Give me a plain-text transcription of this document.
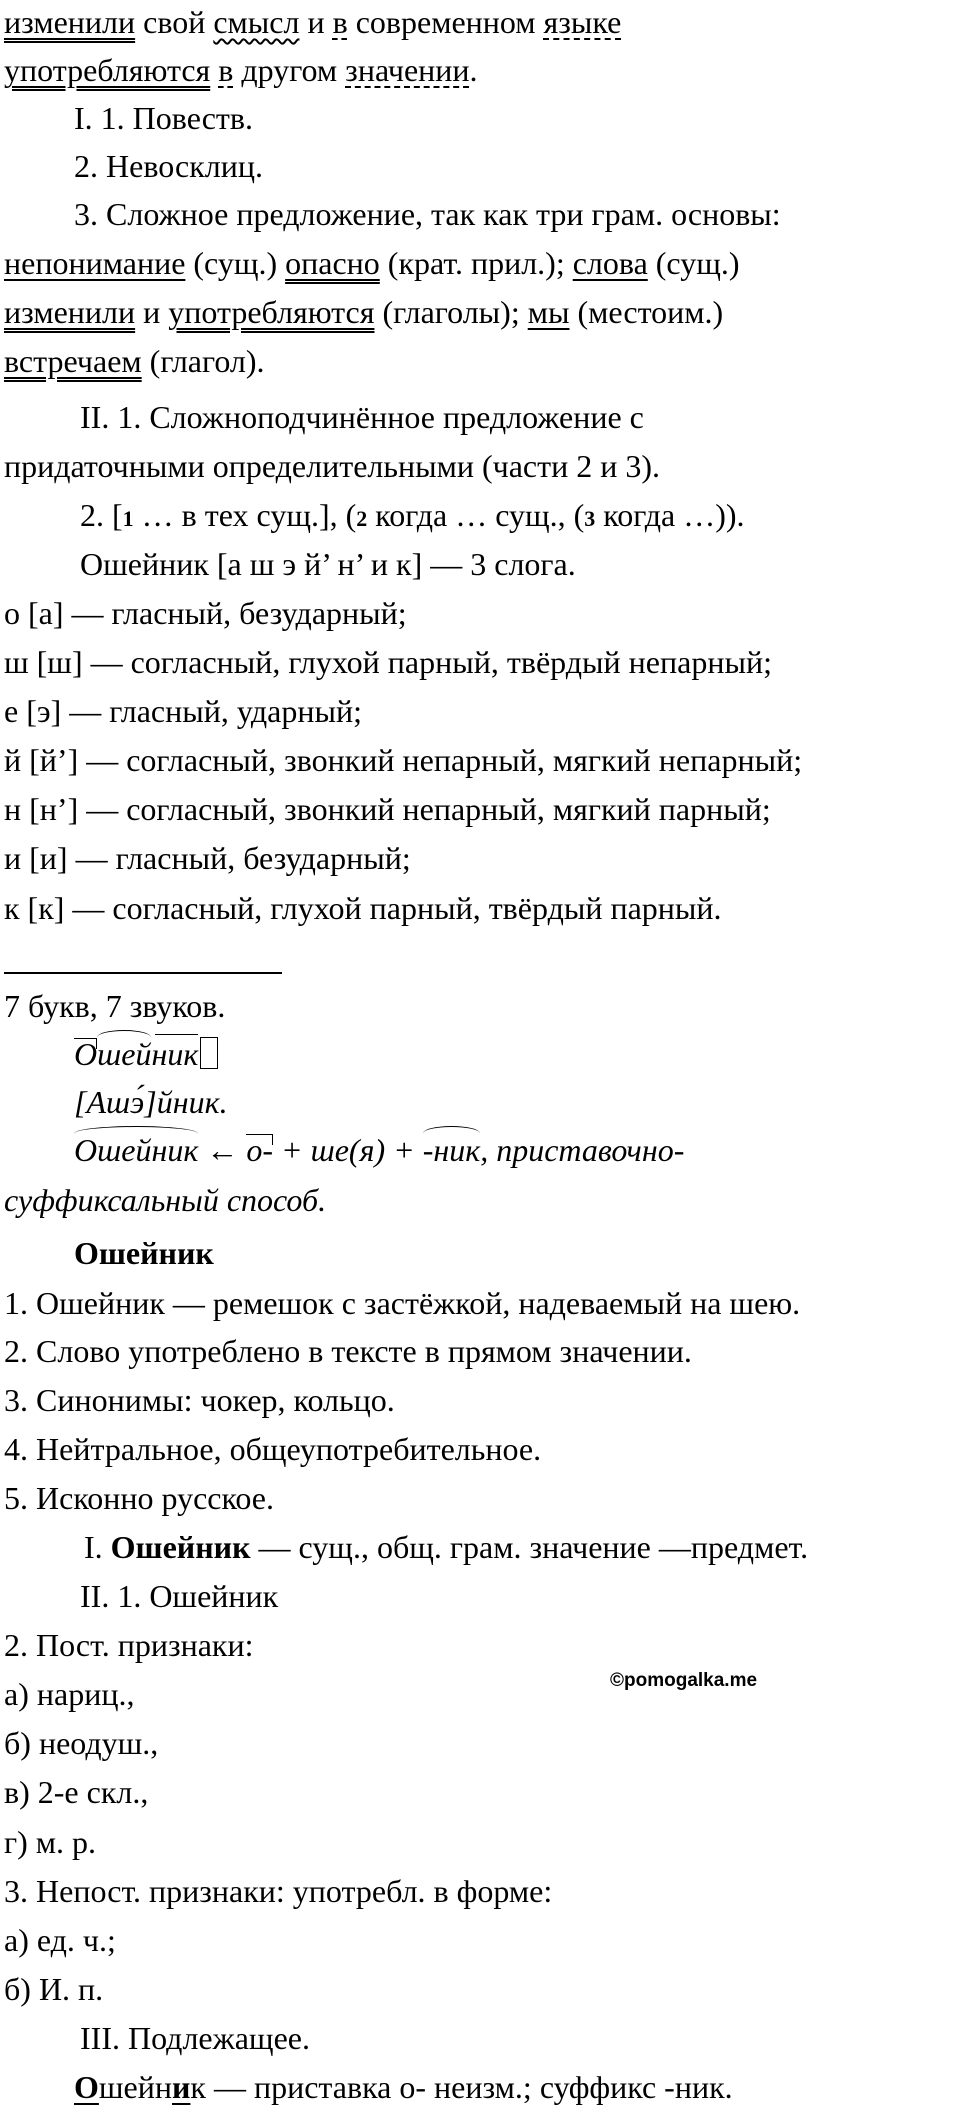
изменили свой смысл и в современном языке
употребляются в другом значении.
I. 1. Повеств.
2. Невосклиц.
3. Сложное предложение, так как три грам. основы:
непонимание (сущ.) опасно (крат. прил.); слова (сущ.)
изменили и употребляются (глаголы); мы (местоим.)
встречаем (глагол).
II. 1. Сложноподчинённое предложение с
придаточными определительными (части 2 и 3).
2. [1 … в тех сущ.], (2 когда … сущ., (3 когда …)).
Ошейник [а ш э й’ н’ и к] — 3 слога.
о [а] — гласный, безударный;
ш [ш] — согласный, глухой парный, твёрдый непарный;
е [э] — гласный, ударный;
й [й’] — согласный, звонкий непарный, мягкий непарный;
н [н’] — согласный, звонкий непарный, мягкий парный;
и [и] — гласный, безударный;
к [к] — согласный, глухой парный, твёрдый парный.
7 букв, 7 звуков.
Ошейник
[Ашэ́]йник.
Ошейник ← о- + ше(я) + -ник, приставочно-
суффиксальный способ.
Ошейник
1. Ошейник — ремешок с застёжкой, надеваемый на шею.
2. Слово употреблено в тексте в прямом значении.
3. Синонимы: чокер, кольцо.
4. Нейтральное, общеупотребительное.
5. Исконно русское.
I. Ошейник — сущ., общ. грам. значение —предмет.
II. 1. Ошейник
2. Пост. признаки:
а) нариц.,
б) неодуш.,
в) 2-е скл.,
г) м. р.
3. Непост. признаки: употребл. в форме:
а) ед. ч.;
б) И. п.
III. Подлежащее.
Ошейник — приставка о- неизм.; суффикс -ник.
©pomogalka.me
